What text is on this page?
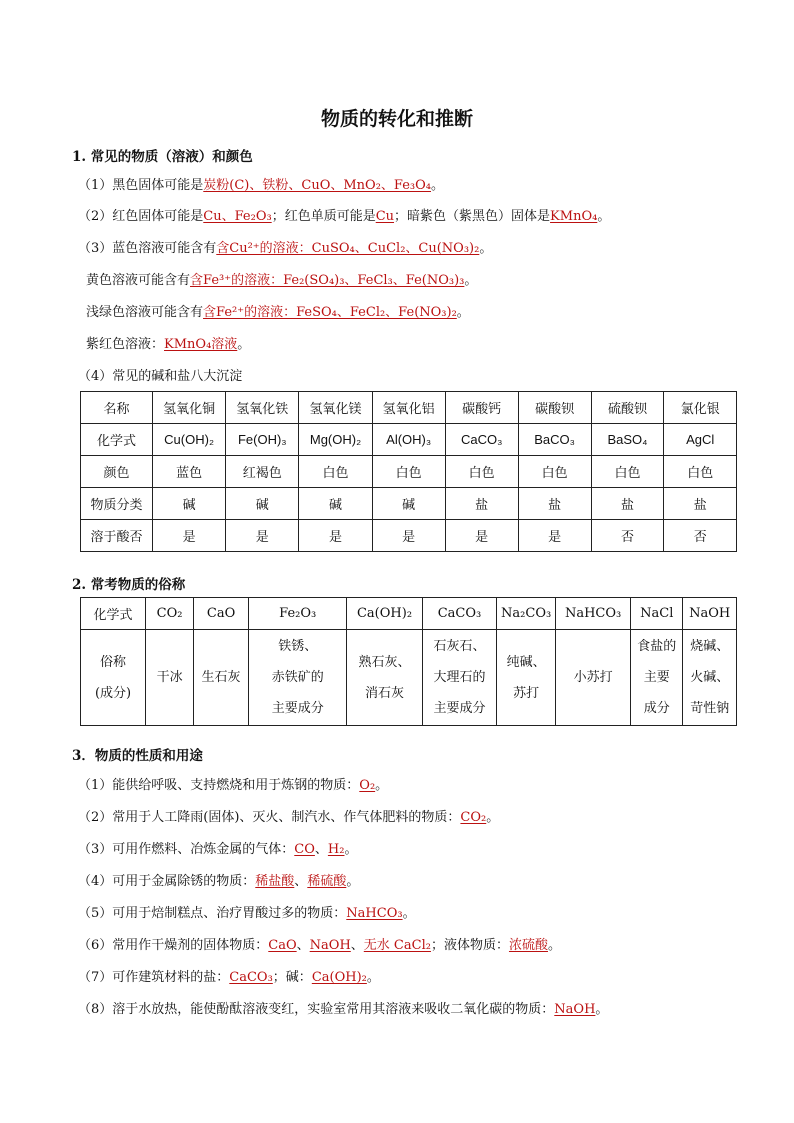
物质的转化和推断
1. 常见的物质（溶液）和颜色
（1）黑色固体可能是炭粉(C)、铁粉、CuO、MnO₂、Fe₃O₄。
（2）红色固体可能是Cu、Fe₂O₃；红色单质可能是Cu；暗紫色（紫黑色）固体是KMnO₄。
（3）蓝色溶液可能含有含Cu²⁺的溶液：CuSO₄、CuCl₂、Cu(NO₃)₂。
黄色溶液可能含有含Fe³⁺的溶液：Fe₂(SO₄)₃、FeCl₃、Fe(NO₃)₃。
浅绿色溶液可能含有含Fe²⁺的溶液：FeSO₄、FeCl₂、Fe(NO₃)₂。
紫红色溶液：KMnO₄溶液。
（4）常见的碱和盐八大沉淀
名称	氢氧化铜	氢氧化铁	氢氧化镁	氢氧化铝	碳酸钙	碳酸钡	硫酸钡	氯化银
化学式	Cu(OH)₂	Fe(OH)₃	Mg(OH)₂	Al(OH)₃	CaCO₃	BaCO₃	BaSO₄	AgCl
颜色	蓝色	红褐色	白色	白色	白色	白色	白色	白色
物质分类	碱	碱	碱	碱	盐	盐	盐	盐
溶于酸否	是	是	是	是	是	是	否	否
2. 常考物质的俗称
化学式	CO₂	CaO	Fe₂O₃	Ca(OH)₂	CaCO₃	Na₂CO₃	NaHCO₃	NaCl	NaOH
俗称
(成分)	干冰	生石灰	铁锈、
赤铁矿的
主要成分	熟石灰、
消石灰	石灰石、
大理石的
主要成分	纯碱、
苏打	小苏打	食盐的
主要
成分	烧碱、
火碱、
苛性钠
3．物质的性质和用途
（1）能供给呼吸、支持燃烧和用于炼钢的物质：O₂。
（2）常用于人工降雨(固体)、灭火、制汽水、作气体肥料的物质：CO₂。
（3）可用作燃料、冶炼金属的气体：CO、H₂。
（4）可用于金属除锈的物质：稀盐酸、稀硫酸。
（5）可用于焙制糕点、治疗胃酸过多的物质：NaHCO₃。
（6）常用作干燥剂的固体物质：CaO、NaOH、无水 CaCl₂；液体物质：浓硫酸。
（7）可作建筑材料的盐：CaCO₃；碱：Ca(OH)₂。
（8）溶于水放热，能使酚酞溶液变红，实验室常用其溶液来吸收二氧化碳的物质：NaOH。
